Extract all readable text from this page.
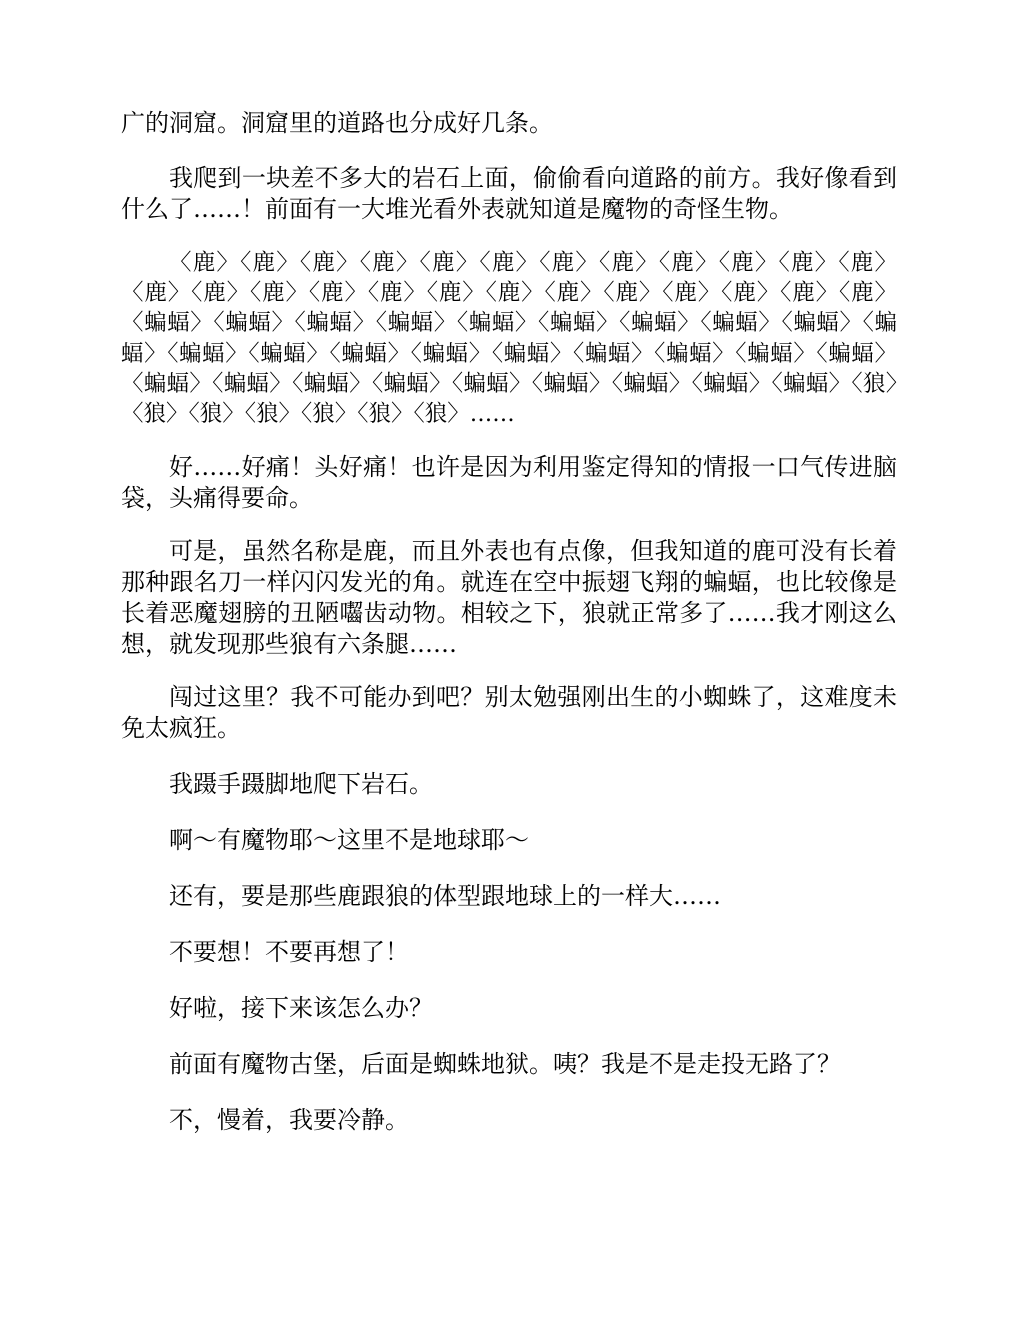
广的洞窟。洞窟里的道路也分成好几条。

我爬到一块差不多大的岩石上面，偷偷看向道路的前方。我好像看到什么了……！前面有一大堆光看外表就知道是魔物的奇怪生物。

〈鹿〉〈鹿〉〈鹿〉〈鹿〉〈鹿〉〈鹿〉〈鹿〉〈鹿〉〈鹿〉〈鹿〉〈鹿〉〈鹿〉〈鹿〉〈鹿〉〈鹿〉〈鹿〉〈鹿〉〈鹿〉〈鹿〉〈鹿〉〈鹿〉〈鹿〉〈鹿〉〈鹿〉〈鹿〉〈蝙蝠〉〈蝙蝠〉〈蝙蝠〉〈蝙蝠〉〈蝙蝠〉〈蝙蝠〉〈蝙蝠〉〈蝙蝠〉〈蝙蝠〉〈蝙蝠〉〈蝙蝠〉〈蝙蝠〉〈蝙蝠〉〈蝙蝠〉〈蝙蝠〉〈蝙蝠〉〈蝙蝠〉〈蝙蝠〉〈蝙蝠〉〈蝙蝠〉〈蝙蝠〉〈蝙蝠〉〈蝙蝠〉〈蝙蝠〉〈蝙蝠〉〈蝙蝠〉〈蝙蝠〉〈蝙蝠〉〈狼〉〈狼〉〈狼〉〈狼〉〈狼〉〈狼〉〈狼〉……

好……好痛！头好痛！也许是因为利用鉴定得知的情报一口气传进脑袋，头痛得要命。

可是，虽然名称是鹿，而且外表也有点像，但我知道的鹿可没有长着那种跟名刀一样闪闪发光的角。就连在空中振翅飞翔的蝙蝠，也比较像是长着恶魔翅膀的丑陋囓齿动物。相较之下，狼就正常多了……我才刚这么想，就发现那些狼有六条腿……

闯过这里？我不可能办到吧？别太勉强刚出生的小蜘蛛了，这难度未免太疯狂。

我蹑手蹑脚地爬下岩石。

啊～有魔物耶～这里不是地球耶～

还有，要是那些鹿跟狼的体型跟地球上的一样大……

不要想！不要再想了！

好啦，接下来该怎么办？

前面有魔物古堡，后面是蜘蛛地狱。咦？我是不是走投无路了？

不，慢着，我要冷静。
